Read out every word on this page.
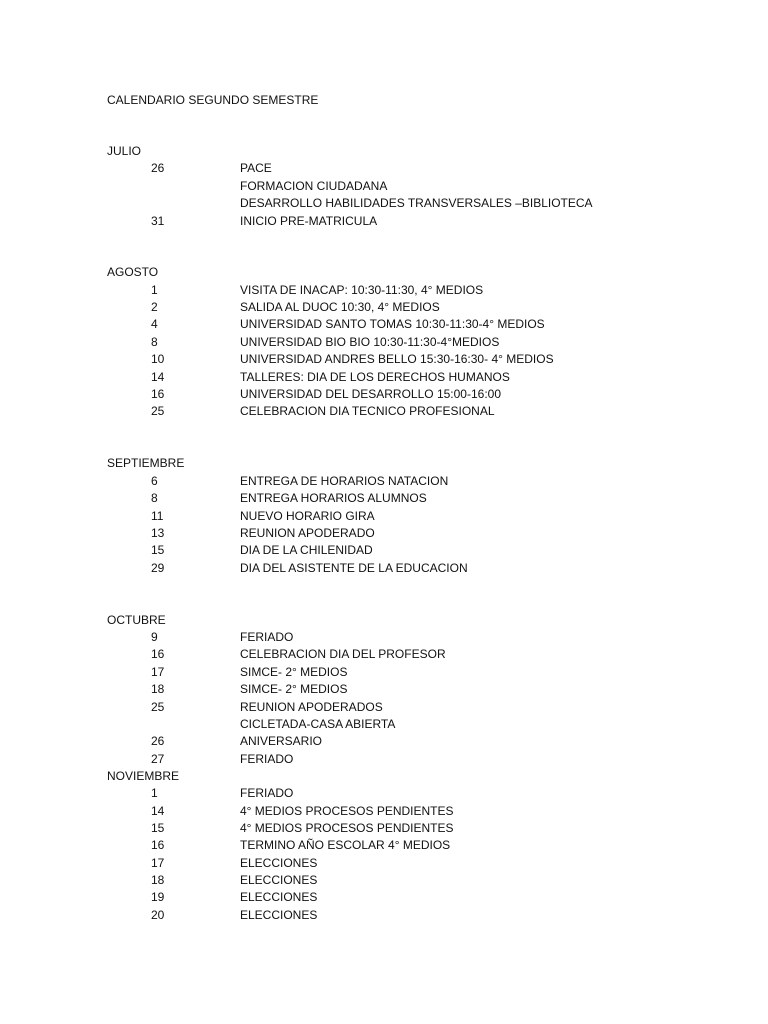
CALENDARIO SEGUNDO SEMESTRE
JULIO
26	PACE
FORMACION CIUDADANA
DESARROLLO HABILIDADES TRANSVERSALES –BIBLIOTECA
31	INICIO PRE-MATRICULA
AGOSTO
1	VISITA DE INACAP: 10:30-11:30, 4° MEDIOS
2	SALIDA AL DUOC 10:30, 4° MEDIOS
4	UNIVERSIDAD SANTO TOMAS 10:30-11:30-4° MEDIOS
8	UNIVERSIDAD BIO BIO 10:30-11:30-4°MEDIOS
10	UNIVERSIDAD ANDRES BELLO 15:30-16:30- 4° MEDIOS
14	TALLERES: DIA DE LOS DERECHOS HUMANOS
16	UNIVERSIDAD DEL DESARROLLO 15:00-16:00
25	CELEBRACION DIA TECNICO PROFESIONAL
SEPTIEMBRE
6	ENTREGA DE HORARIOS NATACION
8	ENTREGA HORARIOS ALUMNOS
11	NUEVO HORARIO GIRA
13	REUNION APODERADO
15	DIA DE LA CHILENIDAD
29	DIA DEL ASISTENTE DE LA EDUCACION
OCTUBRE
9	FERIADO
16	CELEBRACION DIA DEL PROFESOR
17	SIMCE- 2° MEDIOS
18	SIMCE- 2° MEDIOS
25	REUNION APODERADOS
CICLETADA-CASA ABIERTA
26	ANIVERSARIO
27	FERIADO
NOVIEMBRE
1	FERIADO
14	4° MEDIOS PROCESOS PENDIENTES
15	4° MEDIOS PROCESOS PENDIENTES
16	TERMINO AÑO ESCOLAR 4° MEDIOS
17	ELECCIONES
18	ELECCIONES
19	ELECCIONES
20	ELECCIONES
